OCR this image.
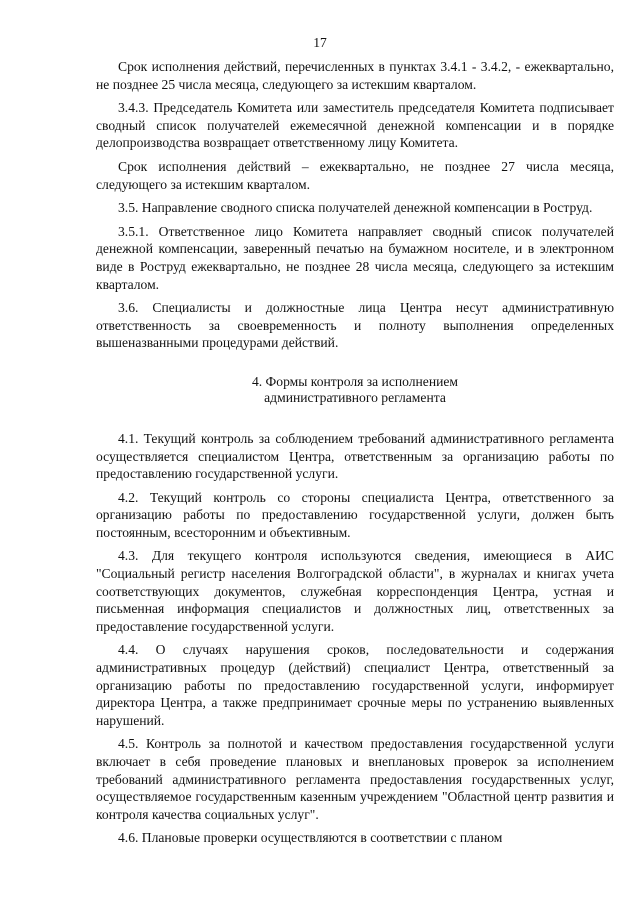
17

Срок исполнения действий, перечисленных в пунктах 3.4.1 - 3.4.2, - ежеквартально, не позднее 25 числа месяца, следующего за истекшим кварталом.

3.4.3. Председатель Комитета или заместитель председателя Комитета подписывает сводный список получателей ежемесячной денежной компенсации и в порядке делопроизводства возвращает ответственному лицу Комитета.

Срок исполнения действий – ежеквартально, не позднее 27 числа месяца, следующего за истекшим кварталом.

3.5. Направление сводного списка получателей денежной компенсации в Роструд.

3.5.1. Ответственное лицо Комитета направляет сводный список получателей денежной компенсации, заверенный печатью на бумажном носителе, и в электронном виде в Роструд ежеквартально, не позднее 28 числа месяца, следующего за истекшим кварталом.

3.6. Специалисты и должностные лица Центра несут административную ответственность за своевременность и полноту выполнения определенных вышеназванными процедурами действий.

4. Формы контроля за исполнением
административного регламента

4.1. Текущий контроль за соблюдением требований административного регламента осуществляется специалистом Центра, ответственным за организацию работы по предоставлению государственной услуги.

4.2. Текущий контроль со стороны специалиста Центра, ответственного за организацию работы по предоставлению государственной услуги, должен быть постоянным, всесторонним и объективным.

4.3. Для текущего контроля используются сведения, имеющиеся в АИС "Социальный регистр населения Волгоградской области", в журналах и книгах учета соответствующих документов, служебная корреспонденция Центра, устная и письменная информация специалистов и должностных лиц, ответственных за предоставление государственной услуги.

4.4. О случаях нарушения сроков, последовательности и содержания административных процедур (действий) специалист Центра, ответственный за организацию работы по предоставлению государственной услуги, информирует директора Центра, а также предпринимает срочные меры по устранению выявленных нарушений.

4.5. Контроль за полнотой и качеством предоставления государственной услуги включает в себя проведение плановых и внеплановых проверок за исполнением требований административного регламента предоставления государственных услуг, осуществляемое государственным казенным учреждением "Областной центр развития и контроля качества социальных услуг".

4.6. Плановые проверки осуществляются в соответствии с планом
